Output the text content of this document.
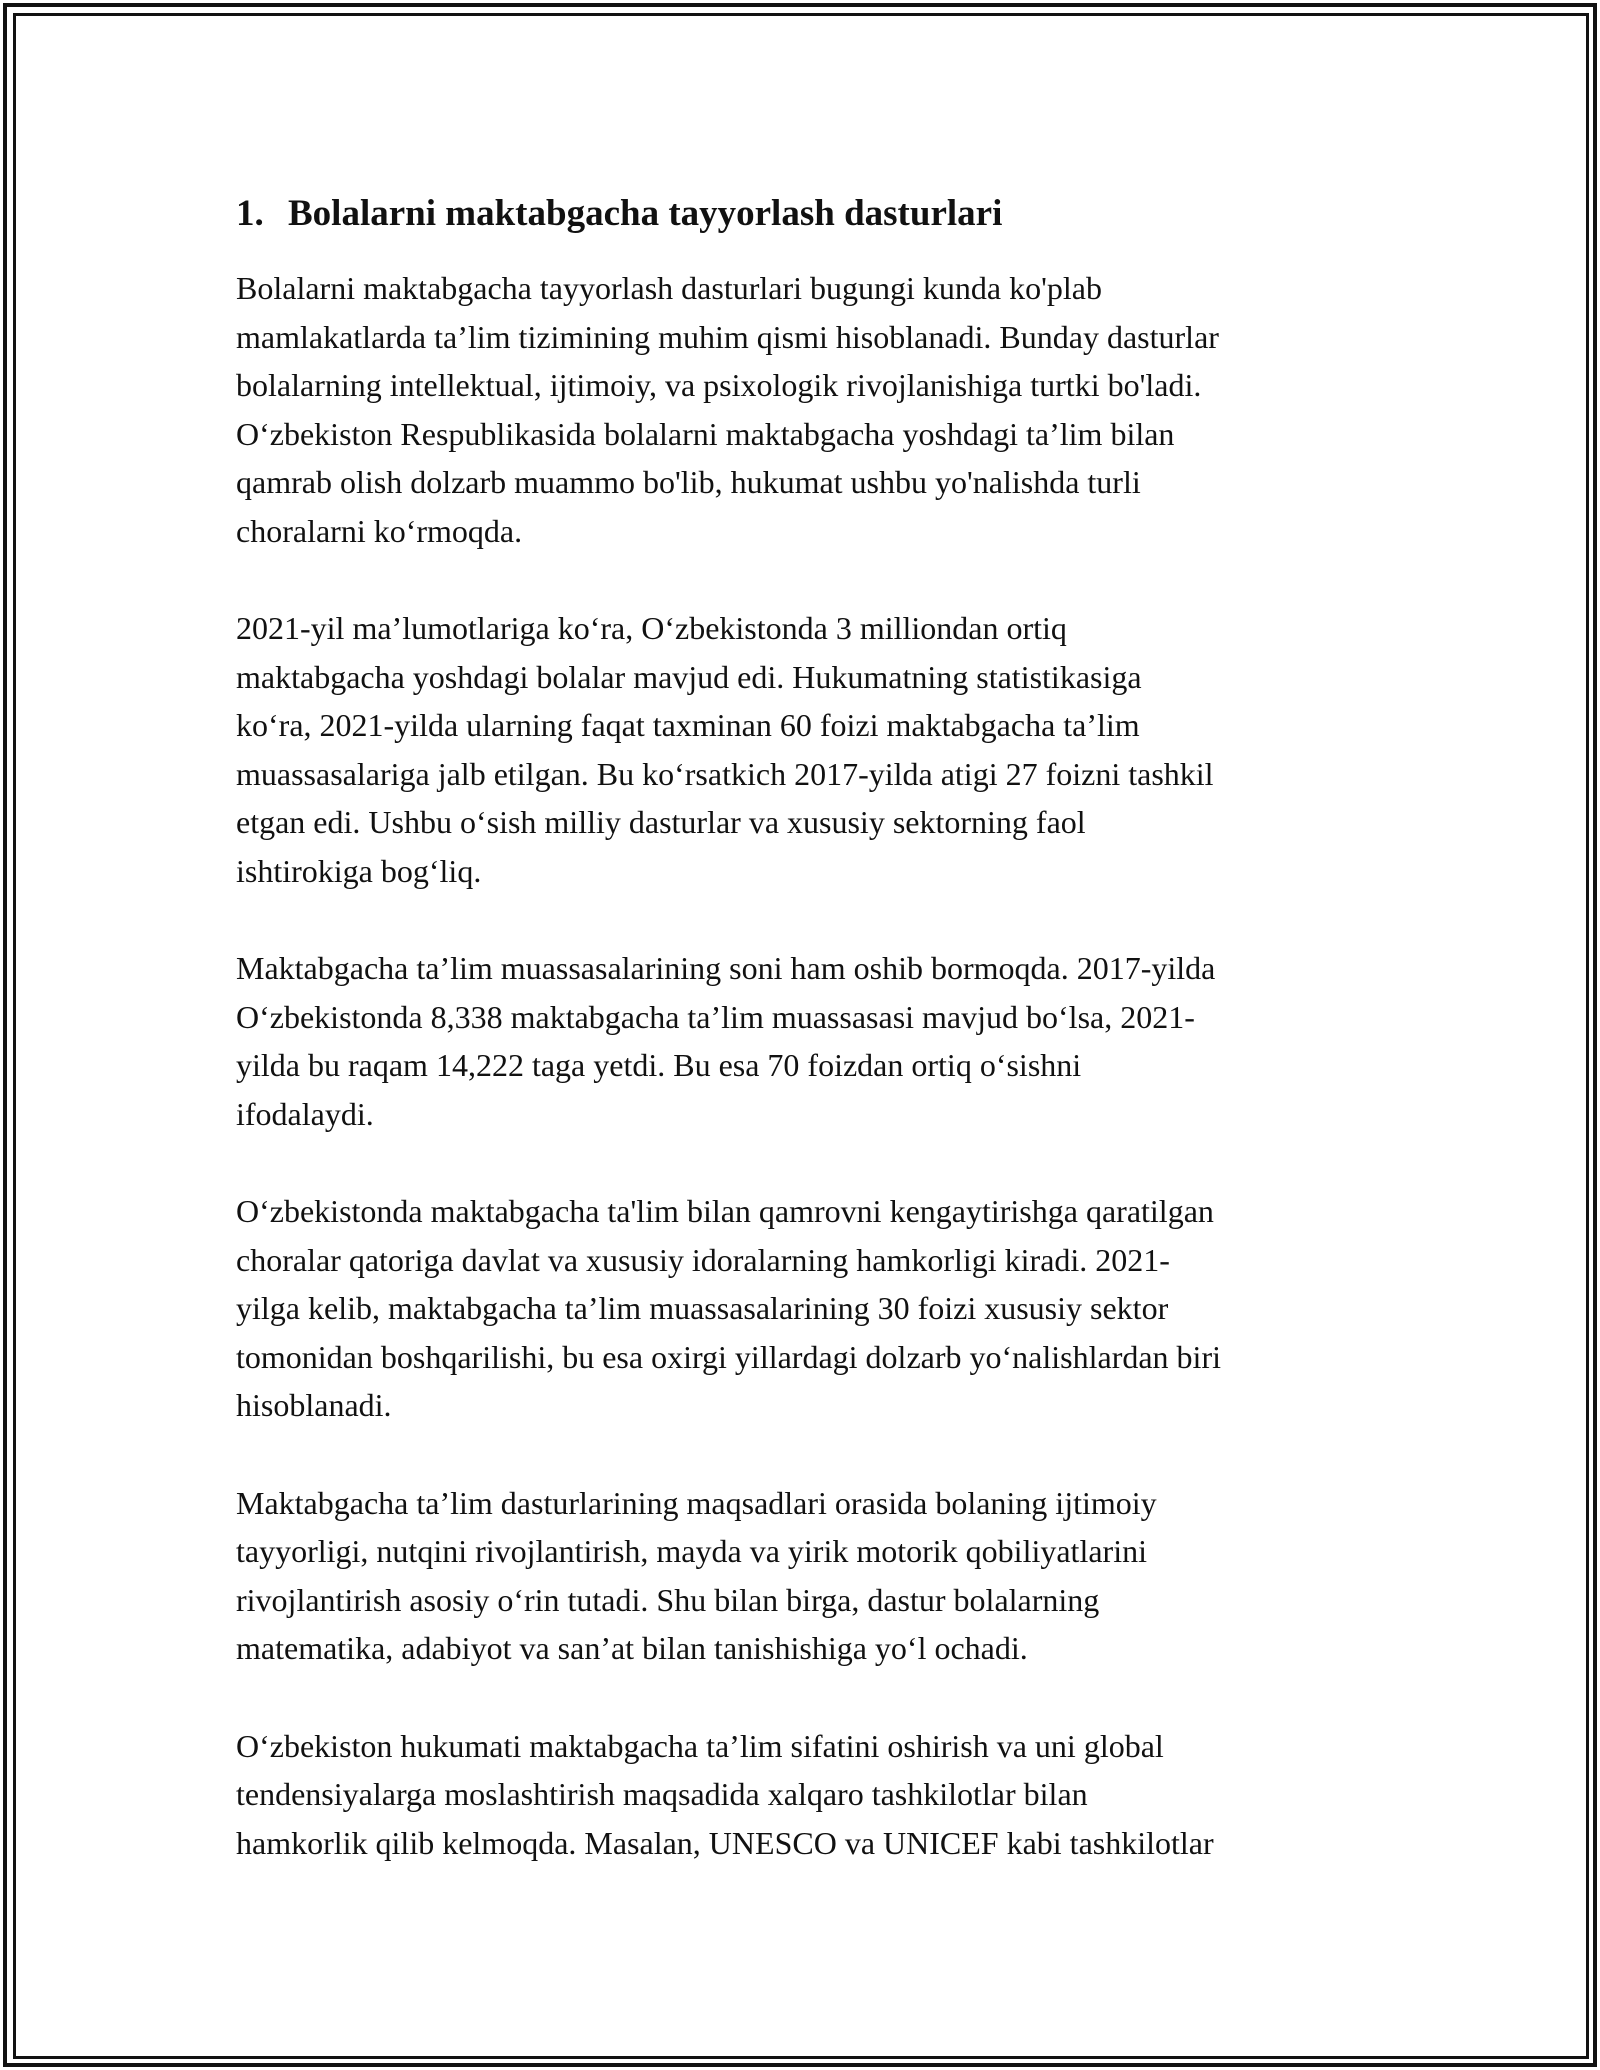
1. Bolalarni maktabgacha tayyorlash dasturlari

Bolalarni maktabgacha tayyorlash dasturlari bugungi kunda ko'plab
mamlakatlarda ta’lim tizimining muhim qismi hisoblanadi. Bunday dasturlar
bolalarning intellektual, ijtimoiy, va psixologik rivojlanishiga turtki bo'ladi.
O‘zbekiston Respublikasida bolalarni maktabgacha yoshdagi ta’lim bilan
qamrab olish dolzarb muammo bo'lib, hukumat ushbu yo'nalishda turli
choralarni ko‘rmoqda.

2021-yil ma’lumotlariga ko‘ra, O‘zbekistonda 3 milliondan ortiq
maktabgacha yoshdagi bolalar mavjud edi. Hukumatning statistikasiga
ko‘ra, 2021-yilda ularning faqat taxminan 60 foizi maktabgacha ta’lim
muassasalariga jalb etilgan. Bu ko‘rsatkich 2017-yilda atigi 27 foizni tashkil
etgan edi. Ushbu o‘sish milliy dasturlar va xususiy sektorning faol
ishtirokiga bog‘liq.

Maktabgacha ta’lim muassasalarining soni ham oshib bormoqda. 2017-yilda
O‘zbekistonda 8,338 maktabgacha ta’lim muassasasi mavjud bo‘lsa, 2021-
yilda bu raqam 14,222 taga yetdi. Bu esa 70 foizdan ortiq o‘sishni
ifodalaydi.

O‘zbekistonda maktabgacha ta'lim bilan qamrovni kengaytirishga qaratilgan
choralar qatoriga davlat va xususiy idoralarning hamkorligi kiradi. 2021-
yilga kelib, maktabgacha ta’lim muassasalarining 30 foizi xususiy sektor
tomonidan boshqarilishi, bu esa oxirgi yillardagi dolzarb yo‘nalishlardan biri
hisoblanadi.

Maktabgacha ta’lim dasturlarining maqsadlari orasida bolaning ijtimoiy
tayyorligi, nutqini rivojlantirish, mayda va yirik motorik qobiliyatlarini
rivojlantirish asosiy o‘rin tutadi. Shu bilan birga, dastur bolalarning
matematika, adabiyot va san’at bilan tanishishiga yo‘l ochadi.

O‘zbekiston hukumati maktabgacha ta’lim sifatini oshirish va uni global
tendensiyalarga moslashtirish maqsadida xalqaro tashkilotlar bilan
hamkorlik qilib kelmoqda. Masalan, UNESCO va UNICEF kabi tashkilotlar
